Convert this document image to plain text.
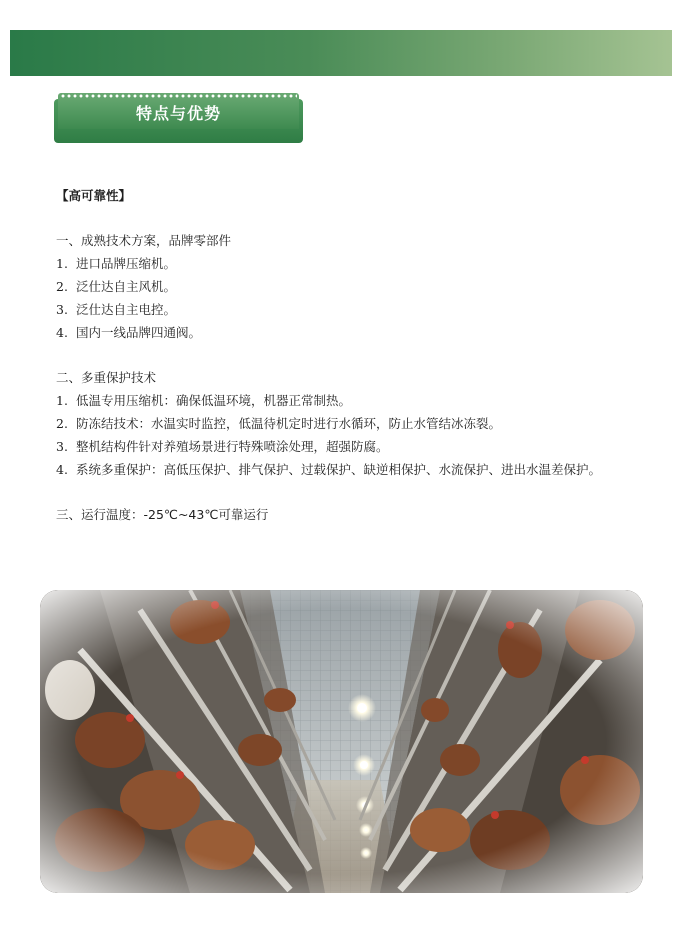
特点与优势
【高可靠性】
一、成熟技术方案，品牌零部件
1. 进口品牌压缩机。
2. 泛仕达自主风机。
3. 泛仕达自主电控。
4. 国内一线品牌四通阀。
二、多重保护技术
1. 低温专用压缩机：确保低温环境，机器正常制热。
2. 防冻结技术：水温实时监控，低温待机定时进行水循环，防止水管结冰冻裂。
3. 整机结构件针对养殖场景进行特殊喷涂处理，超强防腐。
4. 系统多重保护：高低压保护、排气保护、过载保护、缺逆相保护、水流保护、进出水温差保护。
三、运行温度：-25℃~43℃可靠运行
